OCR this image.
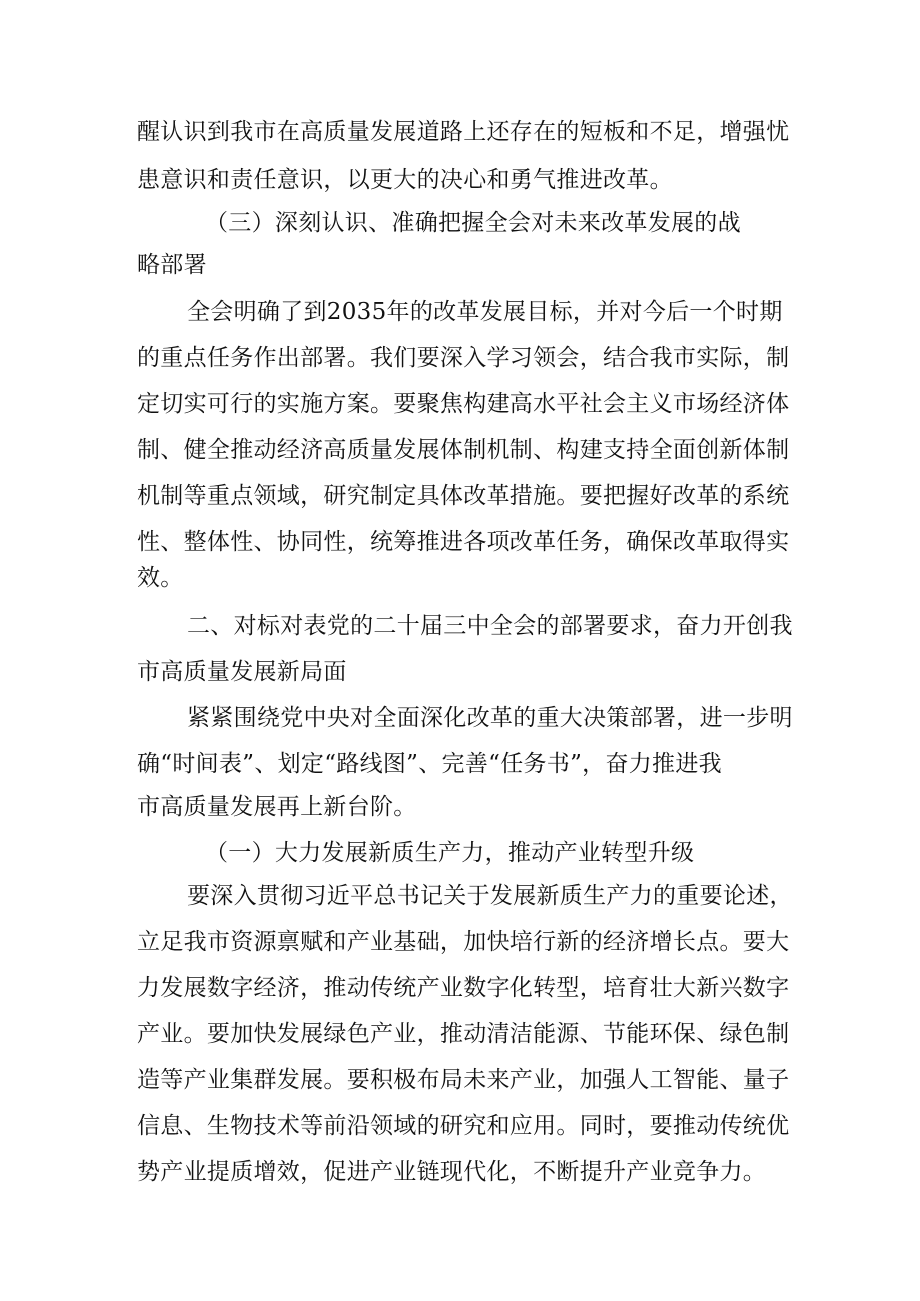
醒认识到我市在高质量发展道路上还存在的短板和不足，增强忧
患意识和责任意识，以更大的决心和勇气推进改革。
（三）深刻认识、准确把握全会对未来改革发展的战
略部署
全会明确了到2035年的改革发展目标，并对今后一个时期
的重点任务作出部署。我们要深入学习领会，结合我市实际，制
定切实可行的实施方案。要聚焦构建高水平社会主义市场经济体
制、健全推动经济高质量发展体制机制、构建支持全面创新体制
机制等重点领域，研究制定具体改革措施。要把握好改革的系统
性、整体性、协同性，统筹推进各项改革任务，确保改革取得实
效。
二、对标对表党的二十届三中全会的部署要求，奋力开创我
市高质量发展新局面
紧紧围绕党中央对全面深化改革的重大决策部署，进一步明
确“时间表”、划定“路线图”、完善“任务书”，奋力推进我
市高质量发展再上新台阶。
（一）大力发展新质生产力，推动产业转型升级
要深入贯彻习近平总书记关于发展新质生产力的重要论述，
立足我市资源禀赋和产业基础，加快培行新的经济增长点。要大
力发展数字经济，推动传统产业数字化转型，培育壮大新兴数字
产业。要加快发展绿色产业，推动清洁能源、节能环保、绿色制
造等产业集群发展。要积极布局未来产业，加强人工智能、量子
信息、生物技术等前沿领域的研究和应用。同时，要推动传统优
势产业提质增效，促进产业链现代化，不断提升产业竞争力。
